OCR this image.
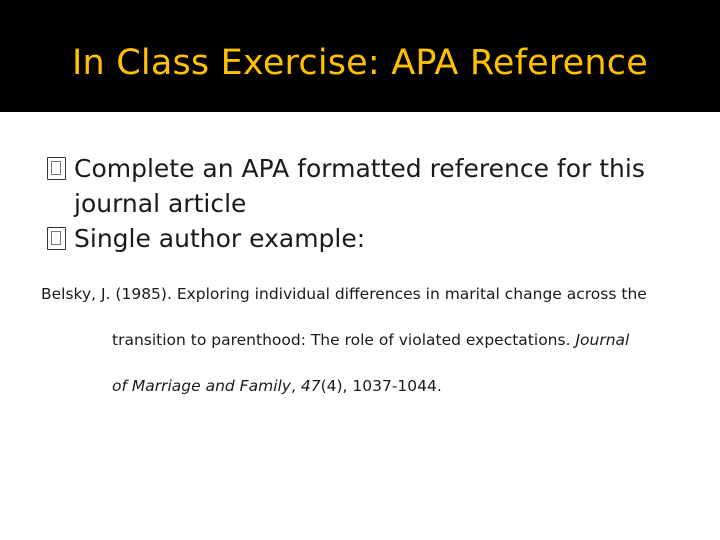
In Class Exercise: APA Reference
Complete an APA formatted reference for this journal article
Single author example:
Belsky, J. (1985). Exploring individual differences in marital change across the
transition to parenthood: The role of violated expectations. Journal
of Marriage and Family, 47(4), 1037-1044.
